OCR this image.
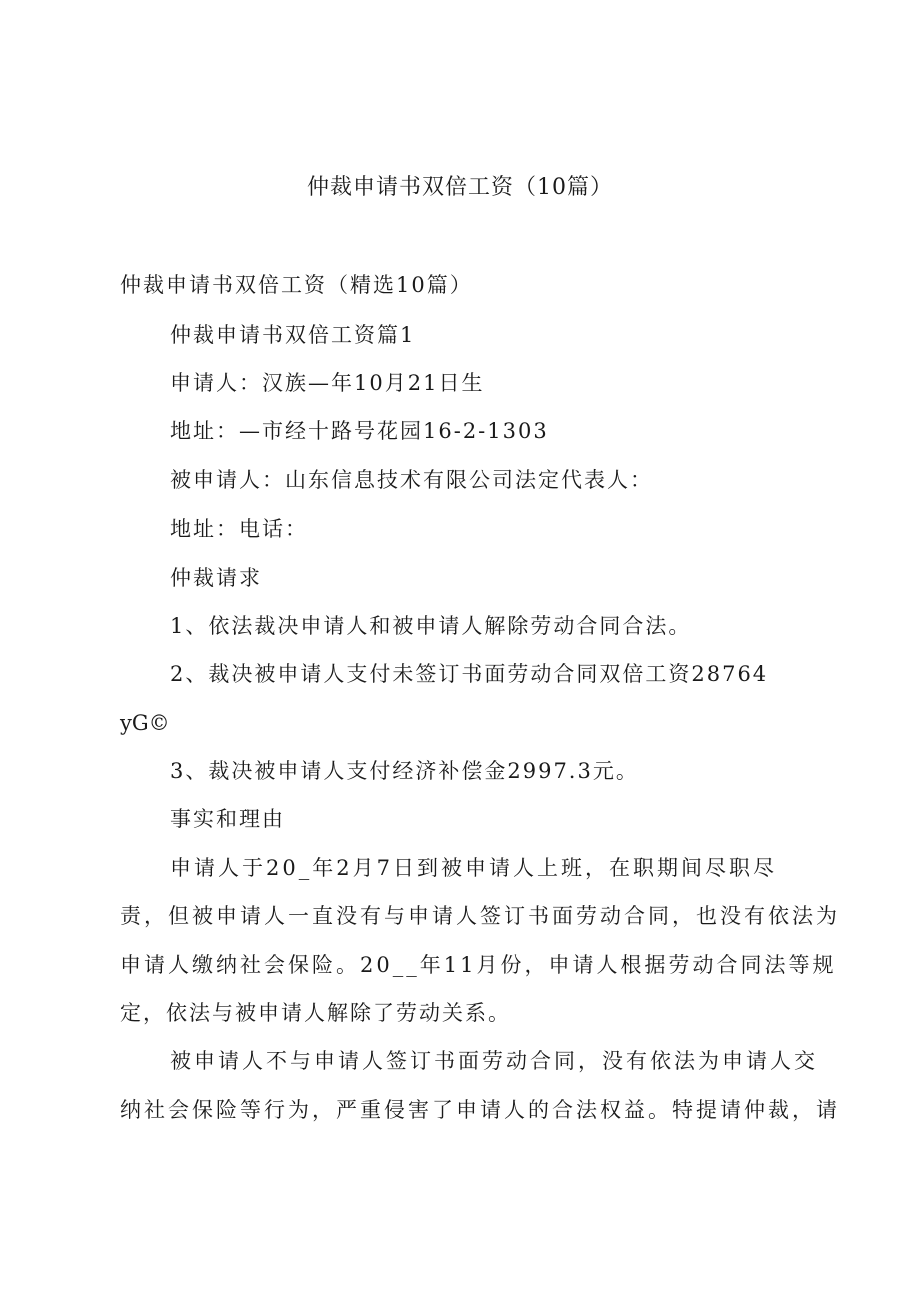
仲裁申请书双倍工资（10篇）
仲裁申请书双倍工资（精选10篇）
仲裁申请书双倍工资篇1
申请人：汉族—年10月21日生
地址：—市经十路号花园16-2-1303
被申请人：山东信息技术有限公司法定代表人：
地址：电话：
仲裁请求
1、依法裁决申请人和被申请人解除劳动合同合法。
2、裁决被申请人支付未签订书面劳动合同双倍工资28764
yG©
3、裁决被申请人支付经济补偿金2997.3元。
事实和理由
申请人于20_年2月7日到被申请人上班，在职期间尽职尽
责，但被申请人一直没有与申请人签订书面劳动合同，也没有依法为
申请人缴纳社会保险。20__年11月份，申请人根据劳动合同法等规
定，依法与被申请人解除了劳动关系。
被申请人不与申请人签订书面劳动合同，没有依法为申请人交
纳社会保险等行为，严重侵害了申请人的合法权益。特提请仲裁，请
